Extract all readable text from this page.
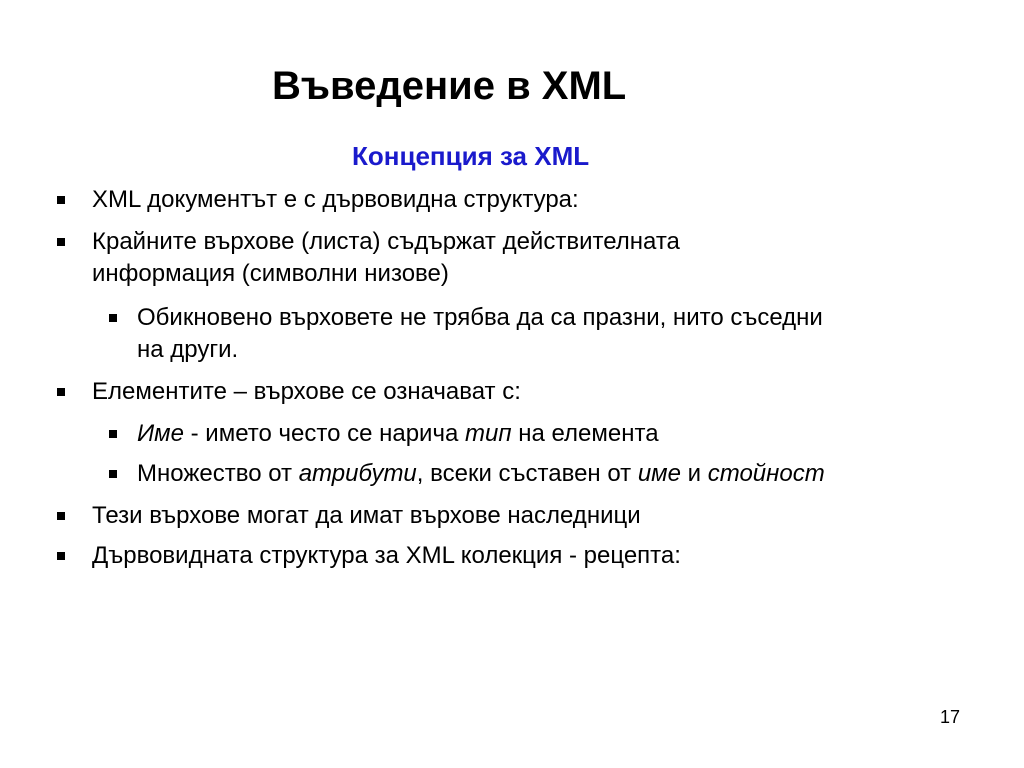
Въведение в XML
Концепция за XML
XML документът е с дървовидна структура:
Крайните върхове (листа) съдържат действителната
информация (символни низове)
Обикновено върховете не трябва да са празни, нито съседни
на други.
Елементите – върхове се означават с:
Име - името често се нарича тип на елемента
Множество от атрибути, всеки съставен от име и стойност
Тези върхове могат да имат върхове наследници
Дървовидната структура за XML колекция - рецепта:
17
